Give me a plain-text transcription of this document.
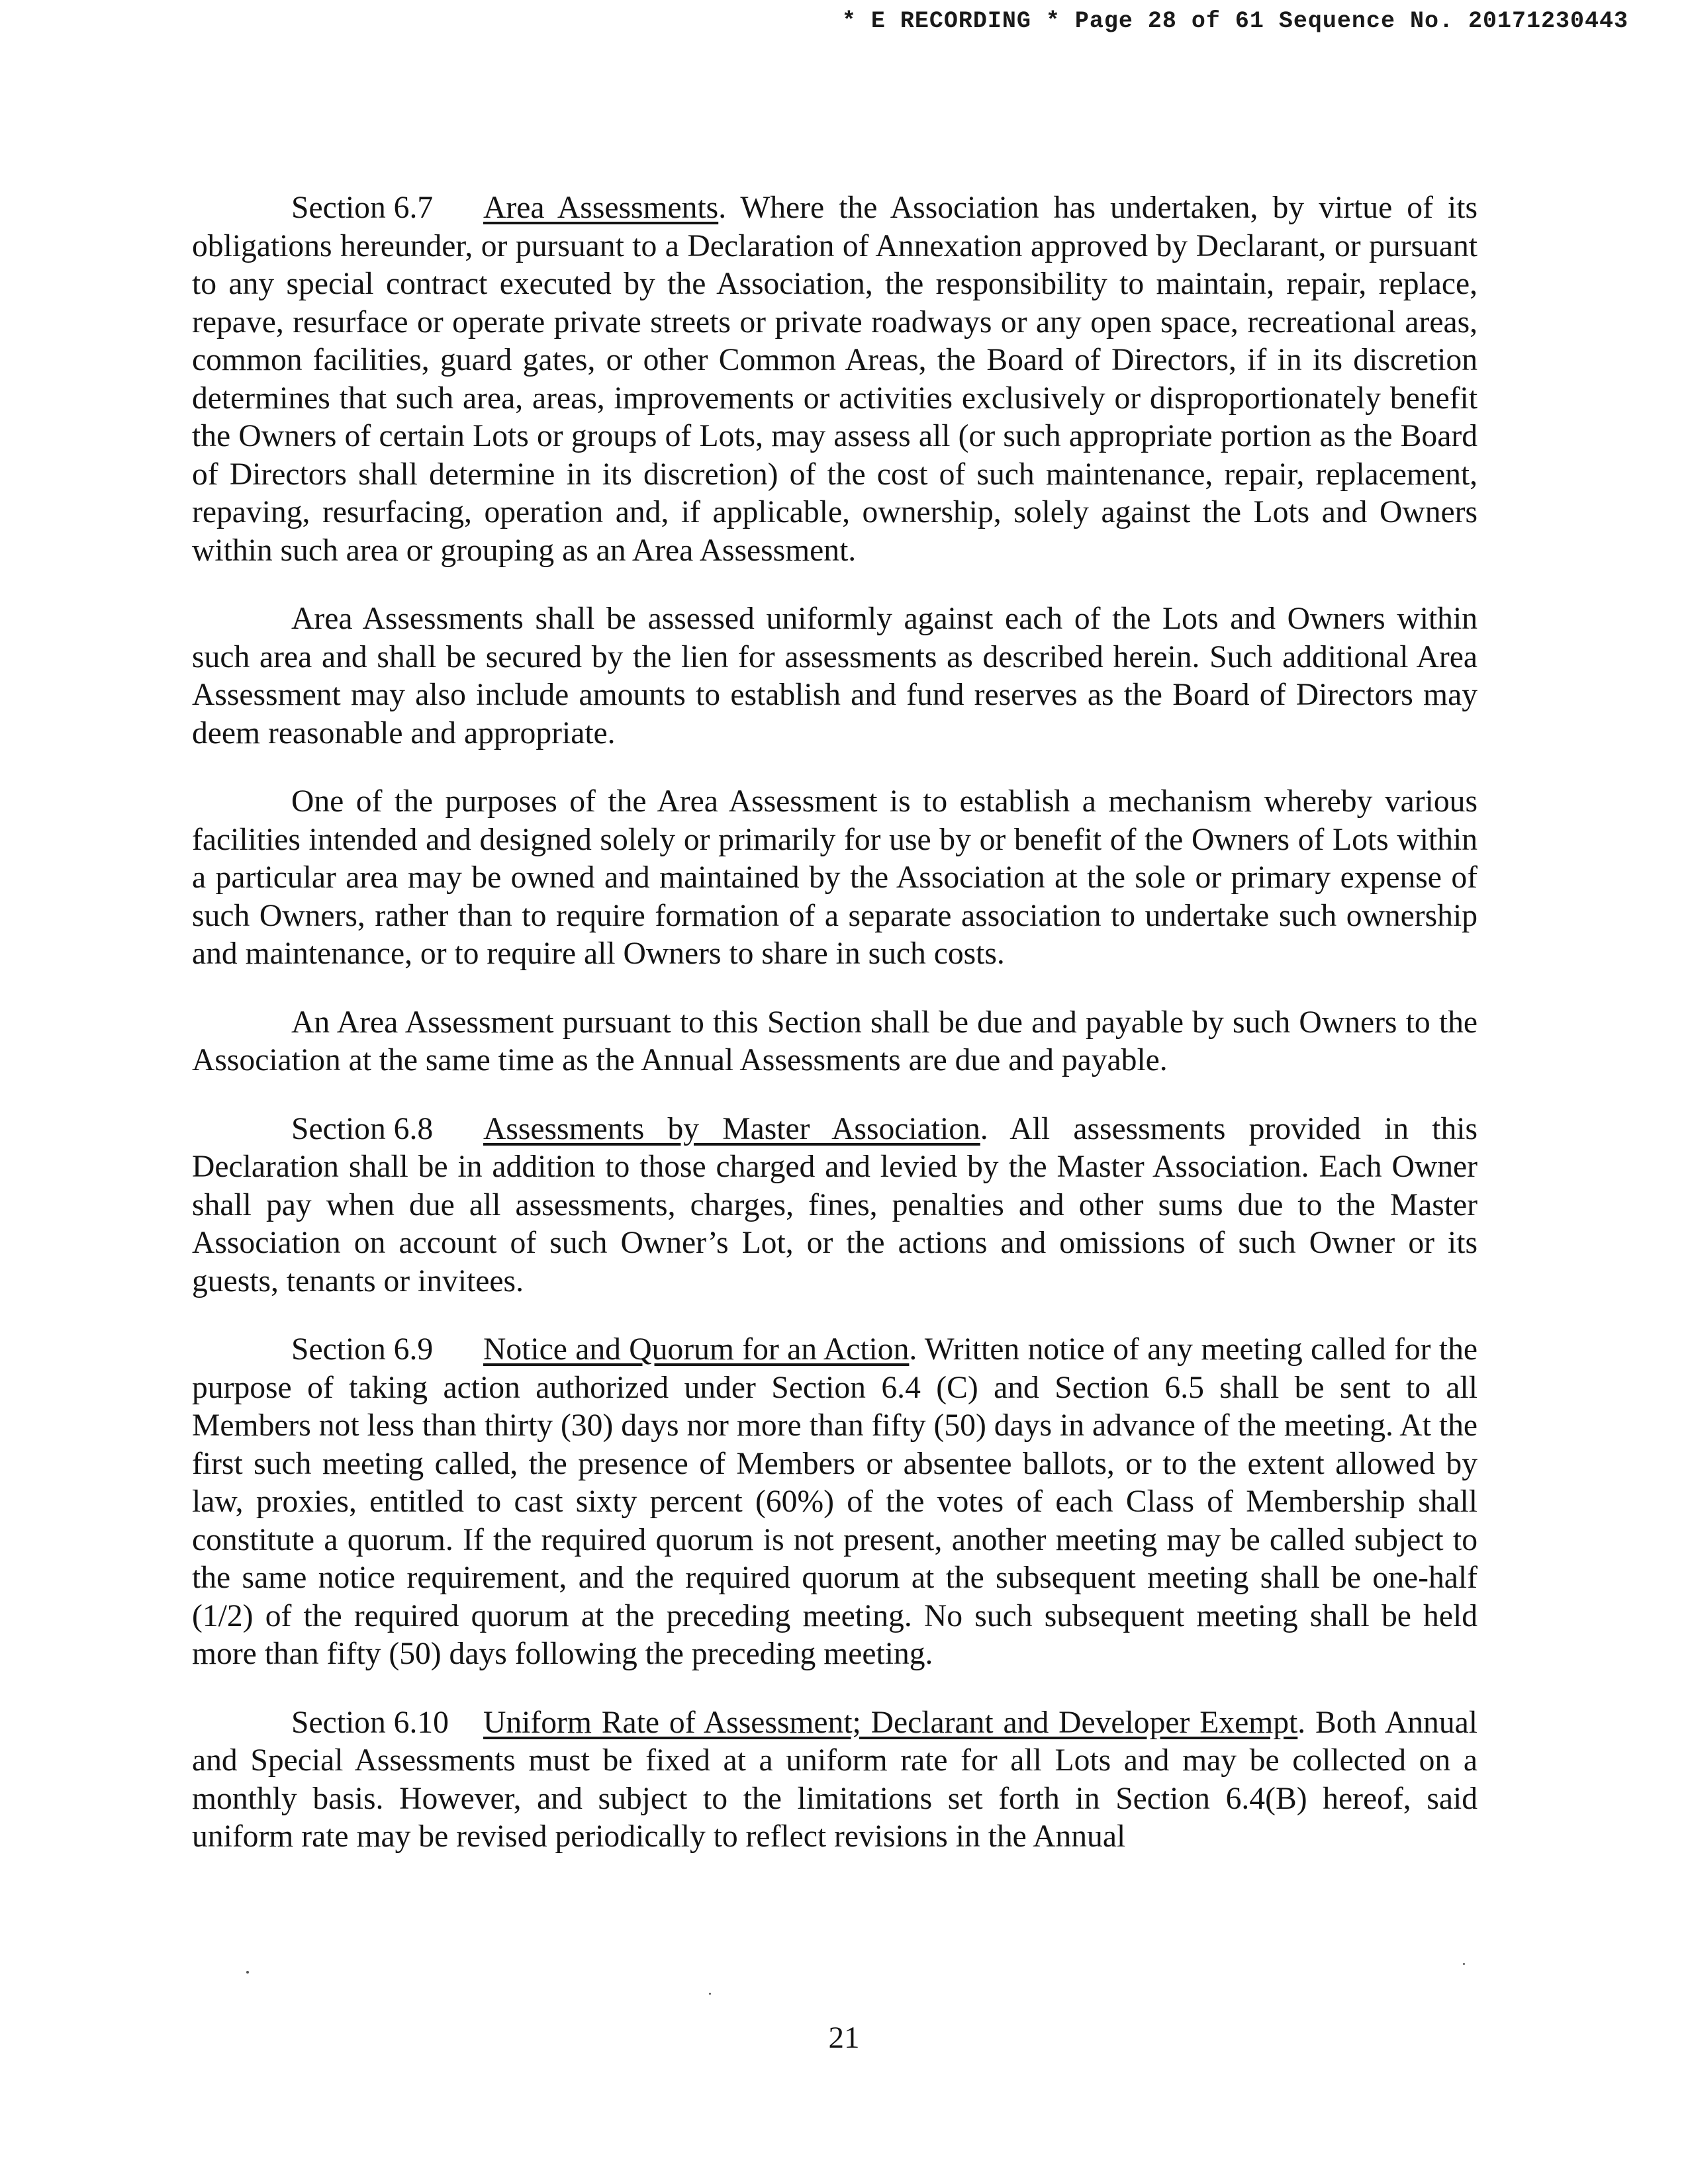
* E RECORDING * Page 28 of 61 Sequence No. 20171230443

Section 6.7 Area Assessments. Where the Association has undertaken, by virtue of its obligations hereunder, or pursuant to a Declaration of Annexation approved by Declarant, or pursuant to any special contract executed by the Association, the responsibility to maintain, repair, replace, repave, resurface or operate private streets or private roadways or any open space, recreational areas, common facilities, guard gates, or other Common Areas, the Board of Directors, if in its discretion determines that such area, areas, improvements or activities exclusively or disproportionately benefit the Owners of certain Lots or groups of Lots, may assess all (or such appropriate portion as the Board of Directors shall determine in its discretion) of the cost of such maintenance, repair, replacement, repaving, resurfacing, operation and, if applicable, ownership, solely against the Lots and Owners within such area or grouping as an Area Assessment.

Area Assessments shall be assessed uniformly against each of the Lots and Owners within such area and shall be secured by the lien for assessments as described herein. Such additional Area Assessment may also include amounts to establish and fund reserves as the Board of Directors may deem reasonable and appropriate.

One of the purposes of the Area Assessment is to establish a mechanism whereby various facilities intended and designed solely or primarily for use by or benefit of the Owners of Lots within a particular area may be owned and maintained by the Association at the sole or primary expense of such Owners, rather than to require formation of a separate association to undertake such ownership and maintenance, or to require all Owners to share in such costs.

An Area Assessment pursuant to this Section shall be due and payable by such Owners to the Association at the same time as the Annual Assessments are due and payable.

Section 6.8 Assessments by Master Association. All assessments provided in this Declaration shall be in addition to those charged and levied by the Master Association. Each Owner shall pay when due all assessments, charges, fines, penalties and other sums due to the Master Association on account of such Owner’s Lot, or the actions and omissions of such Owner or its guests, tenants or invitees.

Section 6.9 Notice and Quorum for an Action. Written notice of any meeting called for the purpose of taking action authorized under Section 6.4 (C) and Section 6.5 shall be sent to all Members not less than thirty (30) days nor more than fifty (50) days in advance of the meeting. At the first such meeting called, the presence of Members or absentee ballots, or to the extent allowed by law, proxies, entitled to cast sixty percent (60%) of the votes of each Class of Membership shall constitute a quorum. If the required quorum is not present, another meeting may be called subject to the same notice requirement, and the required quorum at the subsequent meeting shall be one-half (1/2) of the required quorum at the preceding meeting. No such subsequent meeting shall be held more than fifty (50) days following the preceding meeting.

Section 6.10 Uniform Rate of Assessment; Declarant and Developer Exempt. Both Annual and Special Assessments must be fixed at a uniform rate for all Lots and may be collected on a monthly basis. However, and subject to the limitations set forth in Section 6.4(B) hereof, said uniform rate may be revised periodically to reflect revisions in the Annual

21
